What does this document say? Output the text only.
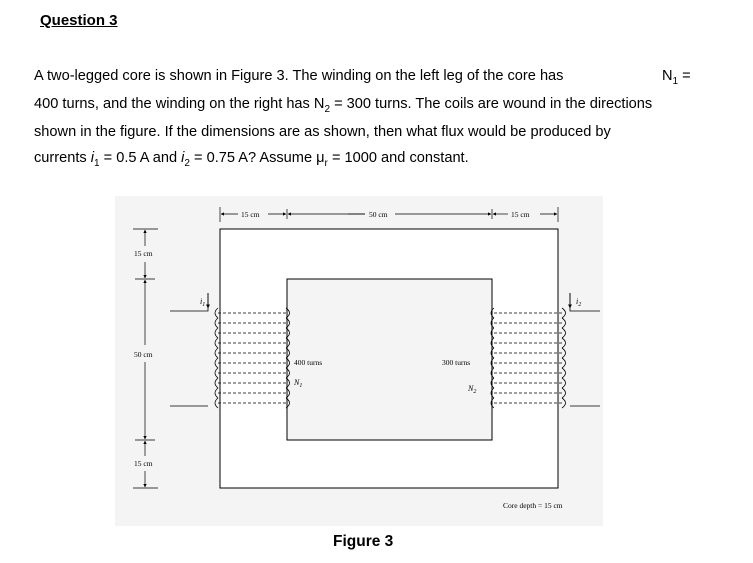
Question 3
A two-legged core is shown in Figure 3. The winding on the left leg of the core has	$N_1$ =
400 turns, and the winding on the right has $N_2 = 300$ turns. The coils are wound in the directions
shown in the figure. If the dimensions are as shown, then what flux would be produced by
currents $i_1 = 0.5$ A and $i_2 = 0.75$ A? Assume $\mu_r = 1000$ and constant.
15 cm	50 cm	15 cm
15 cm
50 cm
15 cm
$i_1$
400 turns
$N_1$
$i_2$
300 turns
$N_2$
Core depth = 15 cm
Figure 3
